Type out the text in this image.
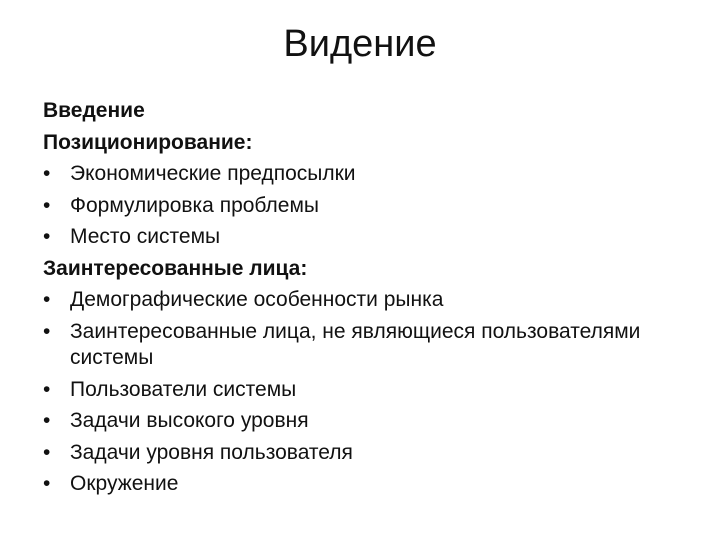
Видение
Введение
Позиционирование:
• Экономические предпосылки
• Формулировка проблемы
• Место системы
Заинтересованные лица:
• Демографические особенности рынка
• Заинтересованные лица, не являющиеся пользователями системы
• Пользователи системы
• Задачи высокого уровня
• Задачи уровня пользователя
• Окружение
